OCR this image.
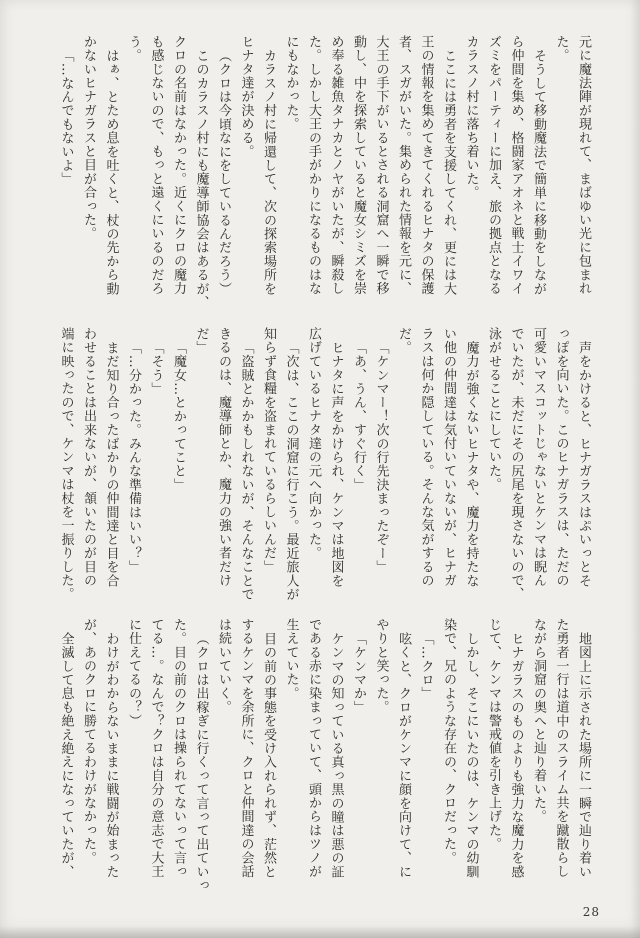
元に魔法陣が現れて、まばゆい光に包まれ
た。
そうして移動魔法で簡単に移動をしなが
ら仲間を集め、格闘家アオネと戦士イワイ
ズミをパーティーに加え、旅の拠点となる
カラスノ村に落ち着いた。
ここには勇者を支援してくれ、更には大
王の情報を集めてきてくれるヒナタの保護
者、スガがいた。集められた情報を元に、
大王の手下がいるとされる洞窟へ一瞬で移
動し、中を探索していると魔女シミズを崇
め奉る雑魚タナカとノヤがいたが、瞬殺し
た。しかし大王の手がかりになるものはな
にもなかった。
カラスノ村に帰還して、次の探索場所を
ヒナタ達が決める。
（クロは今頃なにをしているんだろう）
このカラスノ村にも魔導師協会はあるが、
クロの名前はなかった。近くにクロの魔力
も感じないので、もっと遠くにいるのだろ
う。
はぁ、とため息を吐くと、杖の先から動
かないヒナガラスと目が合った。
「…なんでもないよ」
声をかけると、ヒナガラスはぷいっとそ
っぽを向いた。このヒナガラスは、ただの
可愛いマスコットじゃないとケンマは睨ん
でいたが、未だにその尻尾を現さないので、
泳がせることにしていた。
魔力が強くないヒナタや、魔力を持たな
い他の仲間達は気付いていないが、ヒナガ
ラスは何か隠している。そんな気がするの
だ。
「ケンマー！次の行先決まったぞー」
「あ、うん、すぐ行く」
ヒナタに声をかけられ、ケンマは地図を
広げているヒナタ達の元へ向かった。
「次は、ここの洞窟に行こう。最近旅人が
知らず食糧を盗まれているらしいんだ」
「盗賊とかかもしれないが、そんなことで
きるのは、魔導師とか、魔力の強い者だけ
だ」
「魔女…とかってこと」
「そう」
「…分かった。みんな準備はいい？」
まだ知り合ったばかりの仲間達と目を合
わせることは出来ないが、頷いたのが目の
端に映ったので、ケンマは杖を一振りした。
地図上に示された場所に一瞬で辿り着い
た勇者一行は道中のスライム共を蹴散らし
ながら洞窟の奥へと辿り着いた。
ヒナガラスのものよりも強力な魔力を感
じて、ケンマは警戒値を引き上げた。
しかし、そこにいたのは、ケンマの幼馴
染で、兄のような存在の、クロだった。
「…クロ」
呟くと、クロがケンマに顔を向けて、に
やりと笑った。
「ケンマか」
ケンマの知っている真っ黒の瞳は悪の証
である赤に染まっていて、頭からはツノが
生えていた。
目の前の事態を受け入れられず、茫然と
するケンマを余所に、クロと仲間達の会話
は続いていく。
（クロは出稼ぎに行くって言って出ていっ
た。目の前のクロは操られてないって言っ
てる…。なんで？クロは自分の意志で大王
に仕えてるの？）
わけがわからないままに戦闘が始まった
が、あのクロに勝てるわけがなかった。
全滅して息も絶え絶えになっていたが、
28
